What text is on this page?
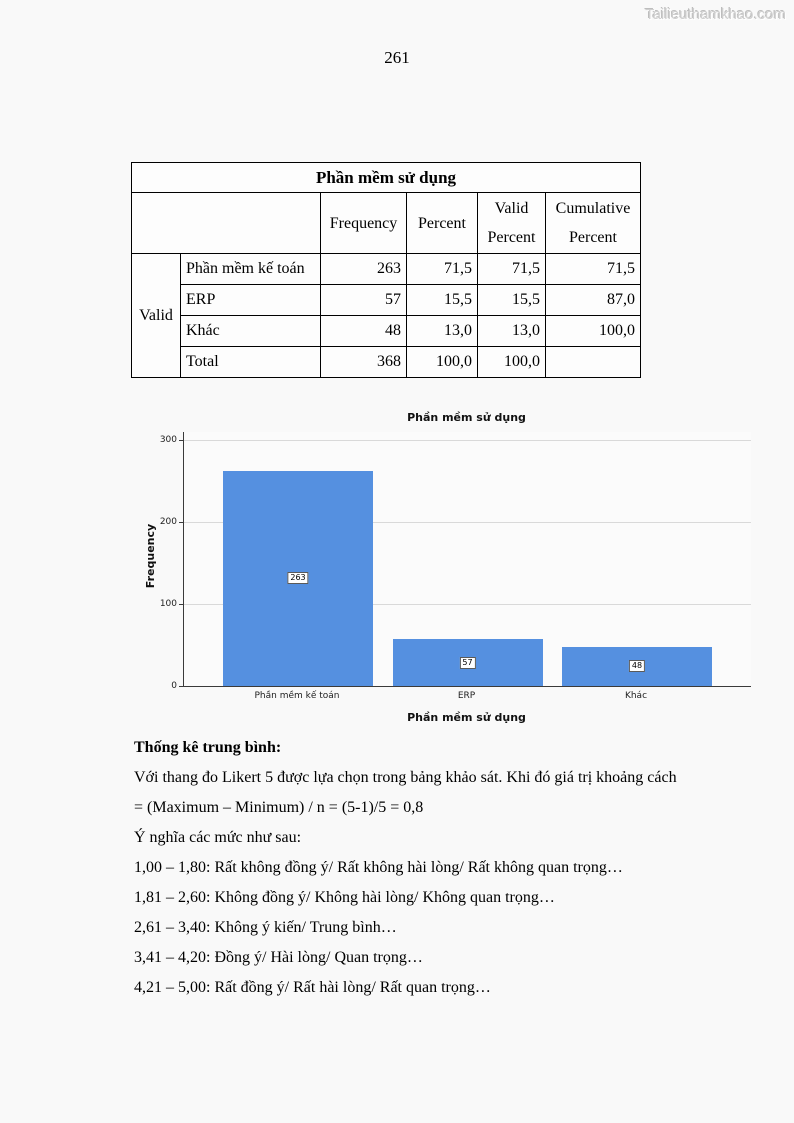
Tailieuthamkhao.com
261
Phần mềm sử dụng					
		Frequency	Percent	Valid Percent	Cumulative Percent
Valid	Phần mềm kế toán	263	71,5	71,5	71,5
	ERP	57	15,5	15,5	87,0
	Khác	48	13,0	13,0	100,0
	Total	368	100,0	100,0	
Phần mềm sử dụng
Frequency	263
57	48
Phần mềm sử dụng
0
100
200
300
Phần mềm kế toán	ERP	Khác

Thống kê trung bình:

Với thang đo Likert 5 được lựa chọn trong bảng khảo sát. Khi đó giá trị khoảng cách

= (Maximum – Minimum) / n = (5-1)/5 = 0,8

Ý nghĩa các mức như sau:

1,00 – 1,80: Rất không đồng ý/ Rất không hài lòng/ Rất không quan trọng…

1,81 – 2,60: Không đồng ý/ Không hài lòng/ Không quan trọng…

2,61 – 3,40: Không ý kiến/ Trung bình…

3,41 – 4,20: Đồng ý/ Hài lòng/ Quan trọng…

4,21 – 5,00: Rất đồng ý/ Rất hài lòng/ Rất quan trọng…
